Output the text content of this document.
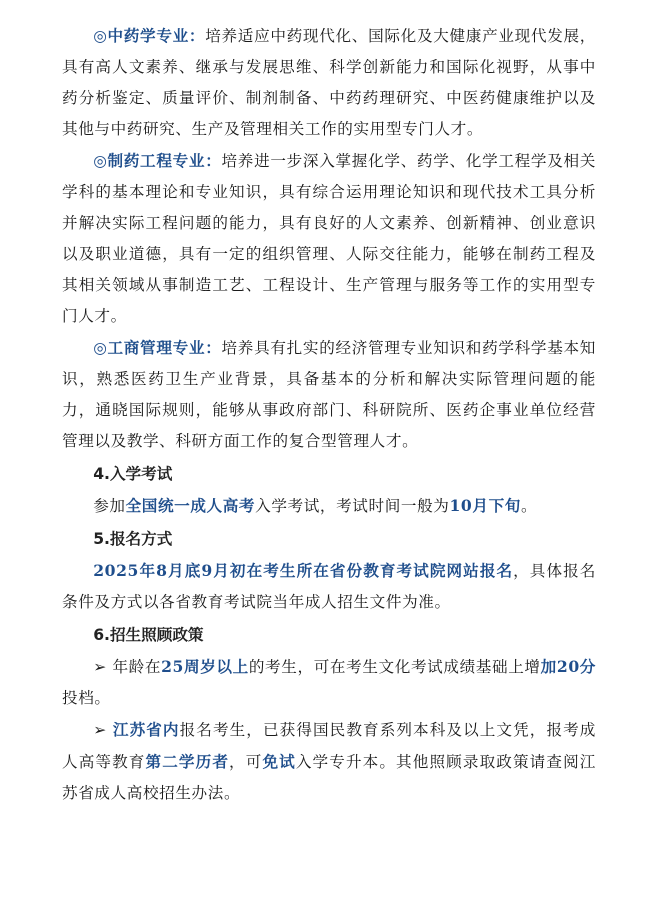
◎中药学专业：培养适应中药现代化、国际化及大健康产业现代发展，具有高人文素养、继承与发展思维、科学创新能力和国际化视野，从事中药分析鉴定、质量评价、制剂制备、中药药理研究、中医药健康维护以及其他与中药研究、生产及管理相关工作的实用型专门人才。

◎制药工程专业：培养进一步深入掌握化学、药学、化学工程学及相关学科的基本理论和专业知识，具有综合运用理论知识和现代技术工具分析并解决实际工程问题的能力，具有良好的人文素养、创新精神、创业意识以及职业道德，具有一定的组织管理、人际交往能力，能够在制药工程及其相关领域从事制造工艺、工程设计、生产管理与服务等工作的实用型专门人才。

◎工商管理专业：培养具有扎实的经济管理专业知识和药学科学基本知识，熟悉医药卫生产业背景，具备基本的分析和解决实际管理问题的能力，通晓国际规则，能够从事政府部门、科研院所、医药企事业单位经营管理以及教学、科研方面工作的复合型管理人才。

4.入学考试

参加全国统一成人高考入学考试，考试时间一般为10月下旬。

5.报名方式

2025年8月底9月初在考生所在省份教育考试院网站报名，具体报名条件及方式以各省教育考试院当年成人招生文件为准。

6.招生照顾政策

➢ 年龄在25周岁以上的考生，可在考生文化考试成绩基础上增加20分投档。

➢ 江苏省内报名考生，已获得国民教育系列本科及以上文凭，报考成人高等教育第二学历者，可免试入学专升本。其他照顾录取政策请查阅江苏省成人高校招生办法。
